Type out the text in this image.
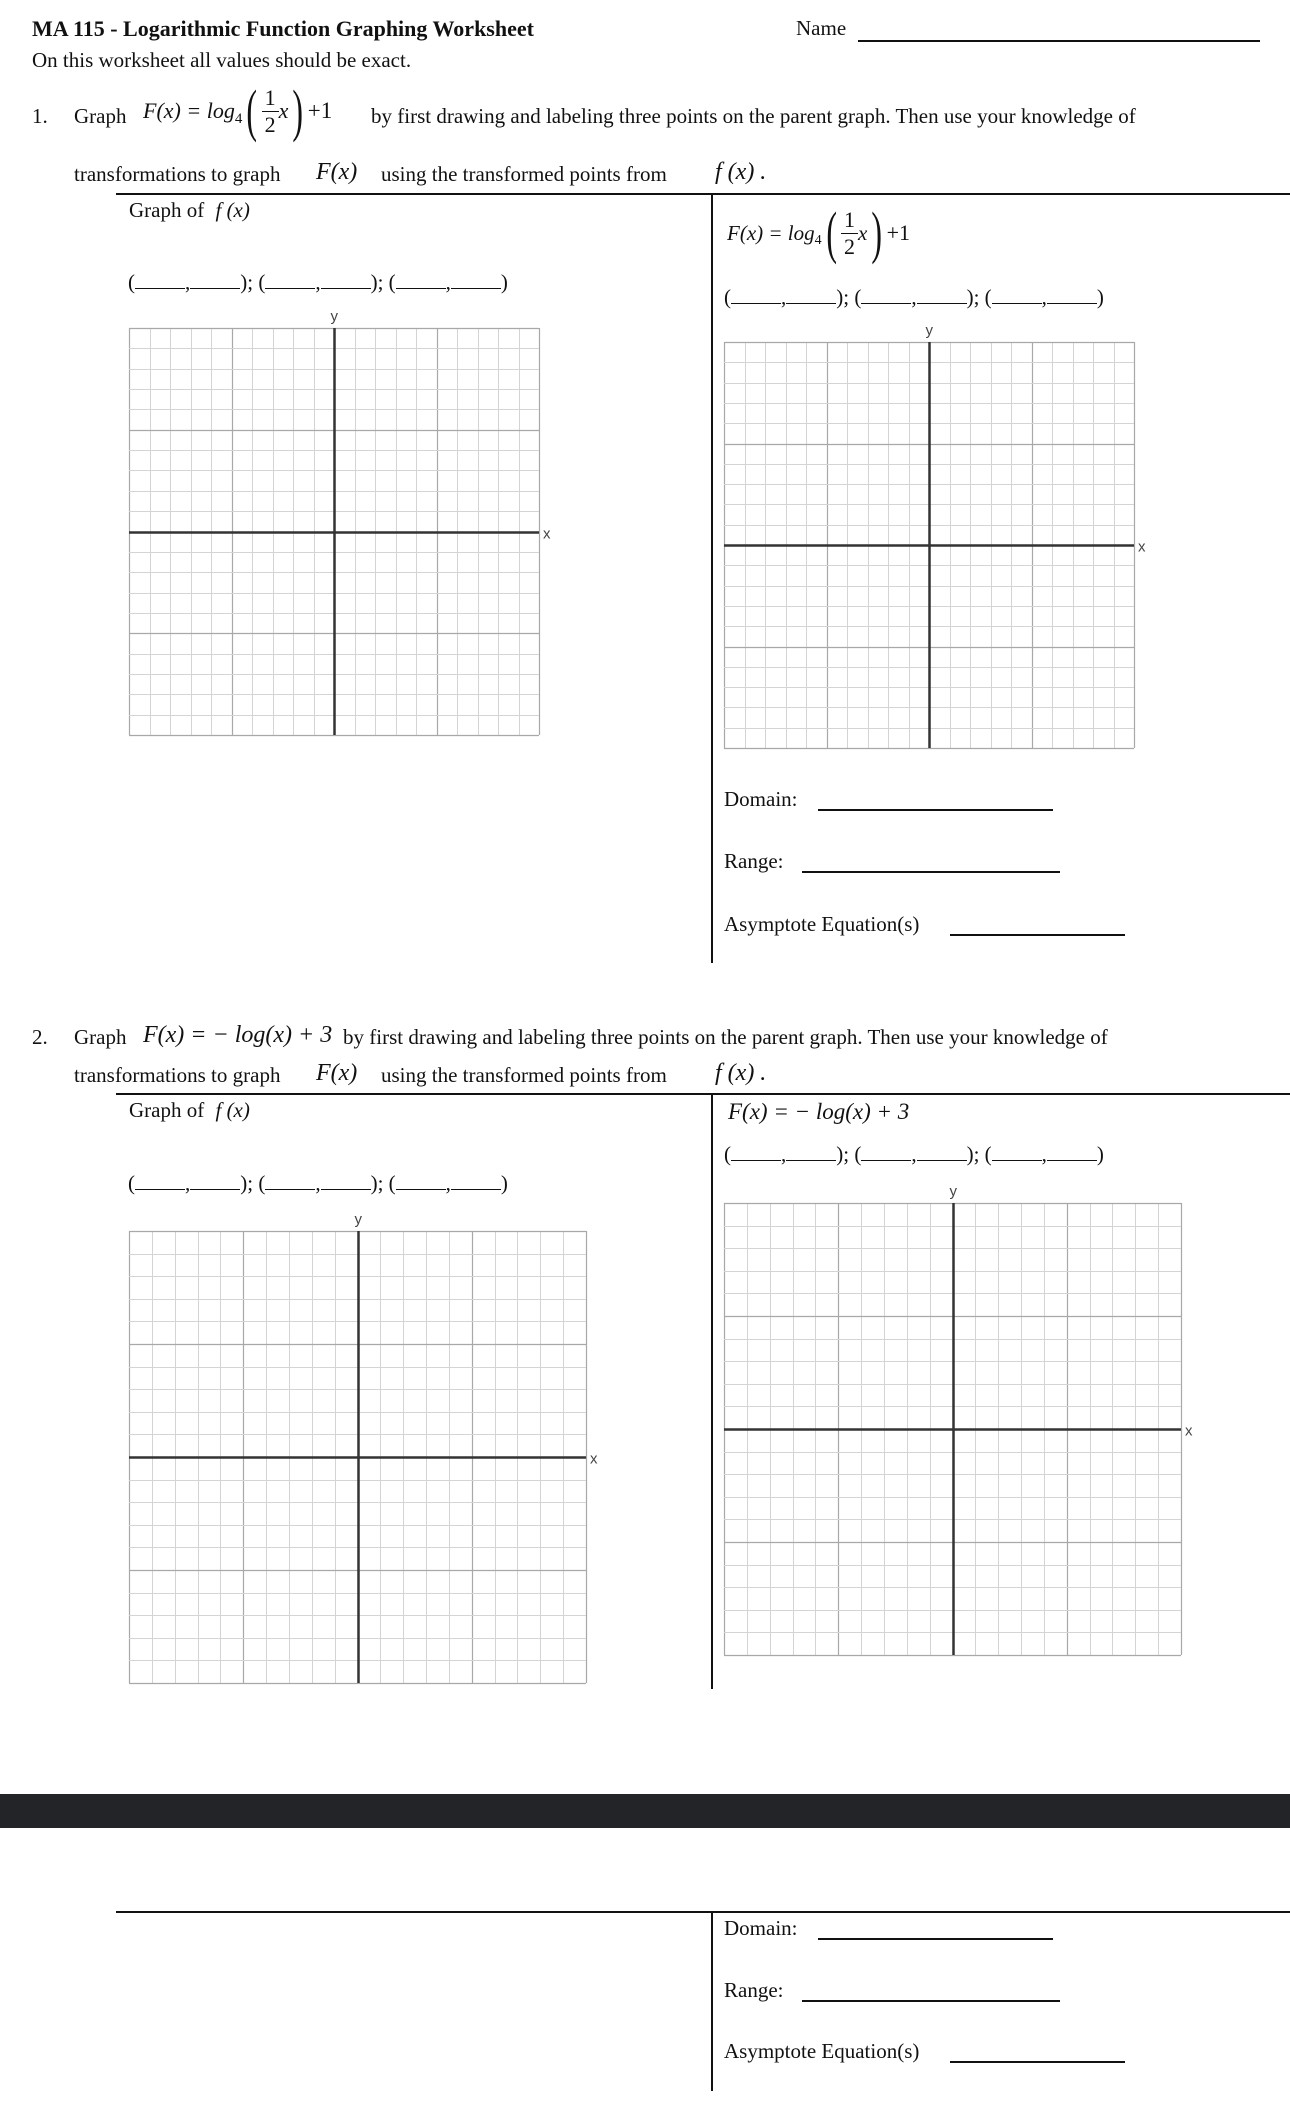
MA 115 - Logarithmic Function Graphing Worksheet	Name
On this worksheet all values should be exact.
1. Graph F(x) = log 4 ( $\frac{1}{2}$ x ) +1 by first drawing and labeling three points on the parent graph. Then use your knowledge of
transformations to graph F(x) using the transformed points from f (x) .
Graph of f (x)
( , ); ( , ); ( , )
x
y
F(x) = log 4 ( $\frac{1}{2}$ x ) +1
( , ); ( , ); ( , )
x
y
Domain:
Range:
Asymptote Equation(s)
2. Graph F(x) = − log(x) + 3 by first drawing and labeling three points on the parent graph. Then use your knowledge of
transformations to graph F(x) using the transformed points from f (x) .
Graph of f (x)
( , ); ( , ); ( , )
x
y
F(x) = − log(x) + 3
( , ); ( , ); ( , )
x
y
Domain:
Range:
Asymptote Equation(s)
